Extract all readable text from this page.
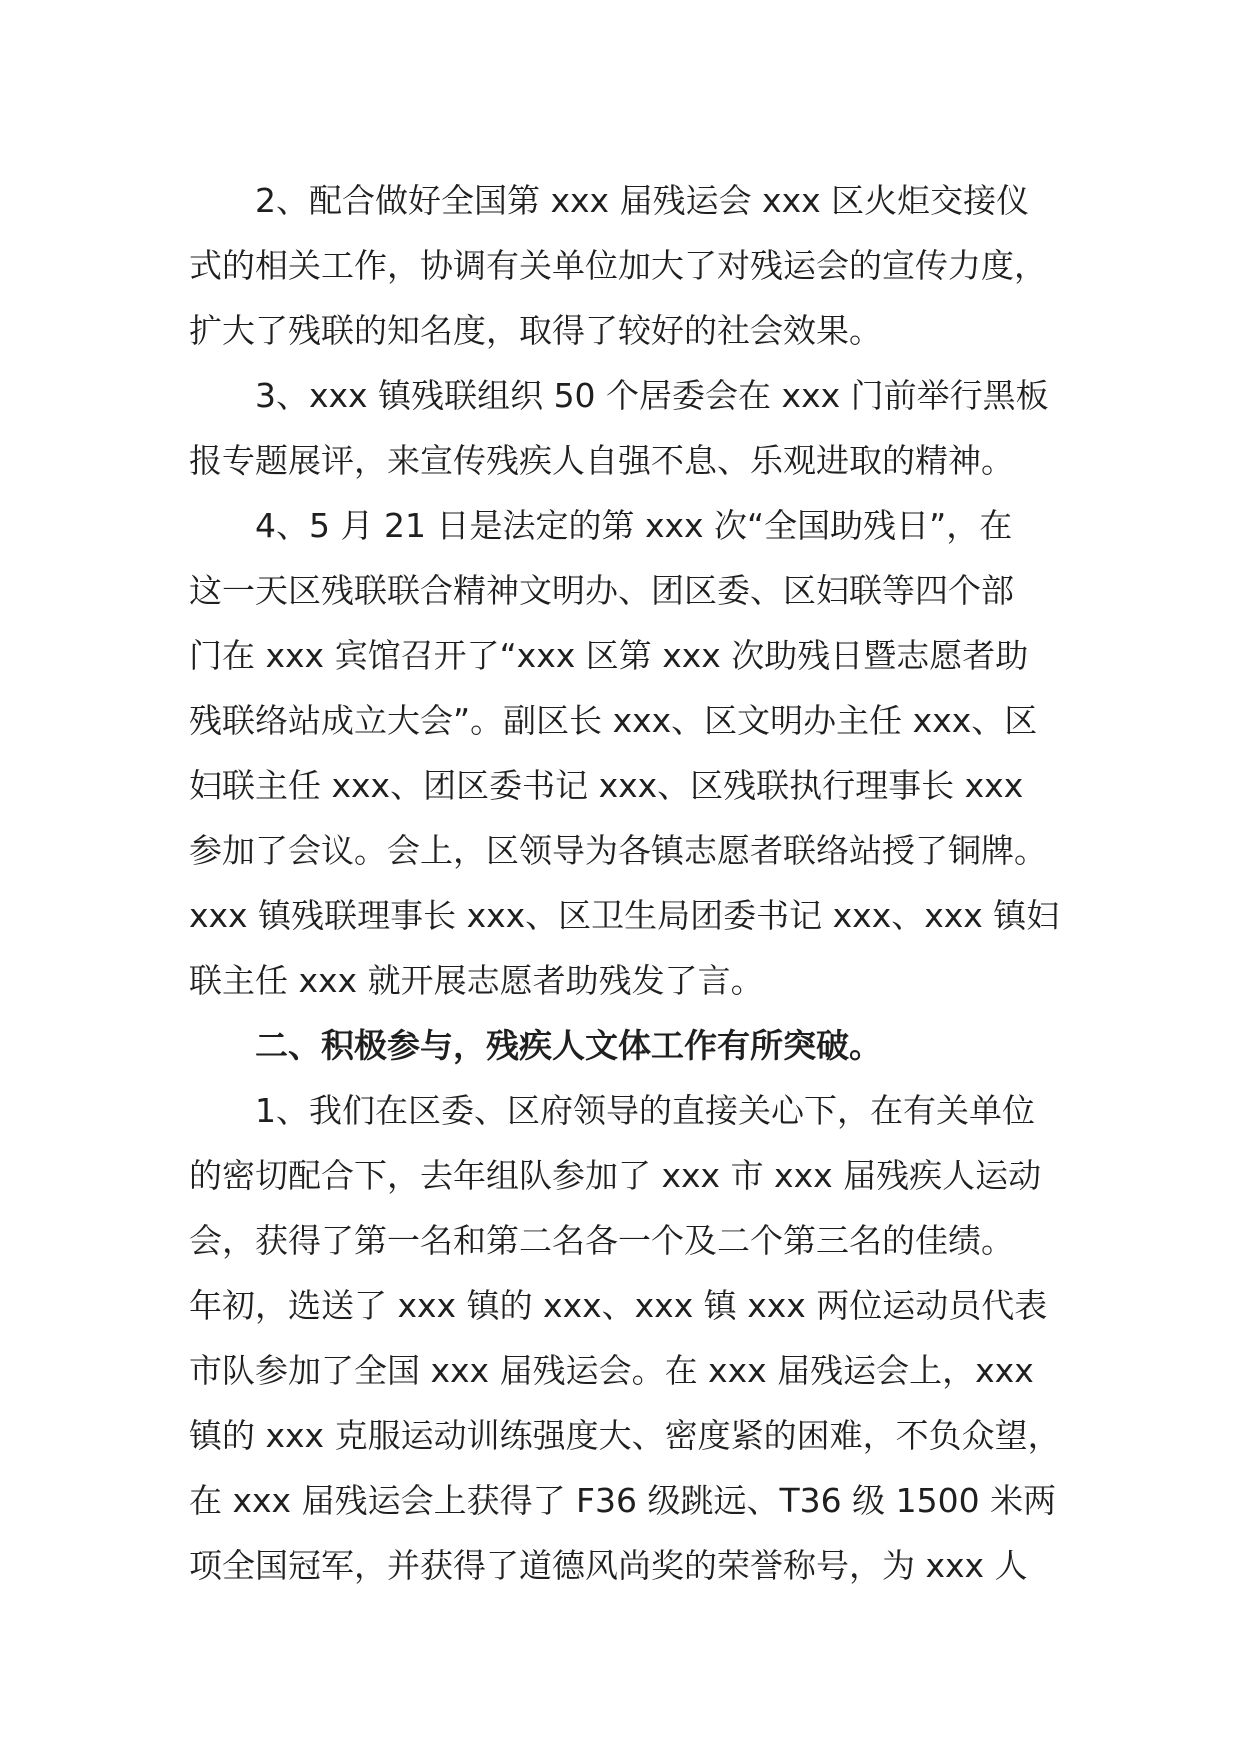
2、配合做好全国第 xxx 届残运会 xxx 区火炬交接仪
式的相关工作，协调有关单位加大了对残运会的宣传力度，
扩大了残联的知名度，取得了较好的社会效果。

3、xxx 镇残联组织 50 个居委会在 xxx 门前举行黑板
报专题展评，来宣传残疾人自强不息、乐观进取的精神。

4、5 月 21 日是法定的第 xxx 次“全国助残日”，在
这一天区残联联合精神文明办、团区委、区妇联等四个部
门在 xxx 宾馆召开了“xxx 区第 xxx 次助残日暨志愿者助
残联络站成立大会”。副区长 xxx、区文明办主任 xxx、区
妇联主任 xxx、团区委书记 xxx、区残联执行理事长 xxx
参加了会议。会上，区领导为各镇志愿者联络站授了铜牌。
xxx 镇残联理事长 xxx、区卫生局团委书记 xxx、xxx 镇妇
联主任 xxx 就开展志愿者助残发了言。

二、积极参与，残疾人文体工作有所突破。

1、我们在区委、区府领导的直接关心下，在有关单位
的密切配合下，去年组队参加了 xxx 市 xxx 届残疾人运动
会，获得了第一名和第二名各一个及二个第三名的佳绩。
年初，选送了 xxx 镇的 xxx、xxx 镇 xxx 两位运动员代表
市队参加了全国 xxx 届残运会。在 xxx 届残运会上，xxx
镇的 xxx 克服运动训练强度大、密度紧的困难，不负众望，
在 xxx 届残运会上获得了 F36 级跳远、T36 级 1500 米两
项全国冠军，并获得了道德风尚奖的荣誉称号，为 xxx 人
